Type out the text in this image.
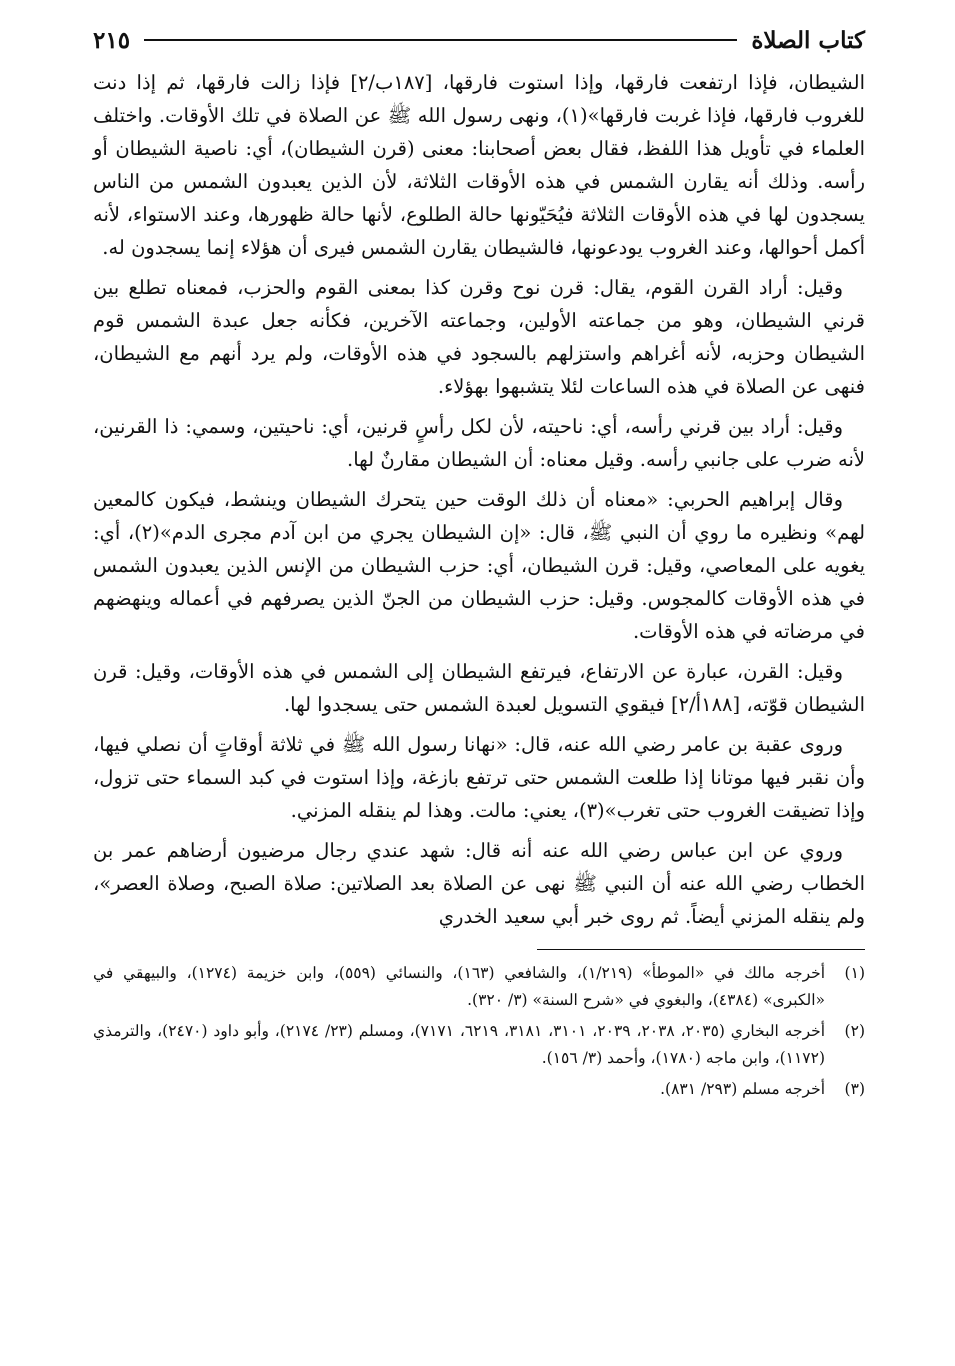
كتاب الصلاة
٢١٥

الشيطان، فإذا ارتفعت فارقها، وإذا استوت فارقها، [١٨٧ب/٢] فإذا زالت فارقها، ثم إذا دنت للغروب فارقها، فإذا غربت فارقها»(١)، ونهى رسول الله ﷺ عن الصلاة في تلك الأوقات. واختلف العلماء في تأويل هذا اللفظ، فقال بعض أصحابنا: معنى (قرن الشيطان)، أي: ناصية الشيطان أو رأسه. وذلك أنه يقارن الشمس في هذه الأوقات الثلاثة، لأن الذين يعبدون الشمس من الناس يسجدون لها في هذه الأوقات الثلاثة فيُحَيّونها حالة الطلوع، لأنها حالة ظهورها، وعند الاستواء، لأنه أكمل أحوالها، وعند الغروب يودعونها، فالشيطان يقارن الشمس فيرى أن هؤلاء إنما يسجدون له.

وقيل: أراد القرن القوم، يقال: قرن نوح وقرن كذا بمعنى القوم والحزب، فمعناه تطلع بين قرني الشيطان، وهو من جماعته الأولين، وجماعته الآخرين، فكأنه جعل عبدة الشمس قوم الشيطان وحزبه، لأنه أغراهم واستزلهم بالسجود في هذه الأوقات، ولم يرد أنهم مع الشيطان، فنهى عن الصلاة في هذه الساعات لئلا يتشبهوا بهؤلاء.

وقيل: أراد بين قرني رأسه، أي: ناحيته، لأن لكل رأسٍ قرنين، أي: ناحيتين، وسمي: ذا القرنين، لأنه ضرب على جانبي رأسه. وقيل معناه: أن الشيطان مقارنٌ لها.

وقال إبراهيم الحربي: «معناه أن ذلك الوقت حين يتحرك الشيطان وينشط، فيكون كالمعين لهم» ونظيره ما روي أن النبي ﷺ، قال: «إن الشيطان يجري من ابن آدم مجرى الدم»(٢)، أي: يغويه على المعاصي، وقيل: قرن الشيطان، أي: حزب الشيطان من الإنس الذين يعبدون الشمس في هذه الأوقات كالمجوس. وقيل: حزب الشيطان من الجنّ الذين يصرفهم في أعماله وينهضهم في مرضاته في هذه الأوقات.

وقيل: القرن، عبارة عن الارتفاع، فيرتفع الشيطان إلى الشمس في هذه الأوقات، وقيل: قرن الشيطان قوّته، [١٨٨أ/٢] فيقوي التسويل لعبدة الشمس حتى يسجدوا لها.

وروى عقبة بن عامر رضي الله عنه، قال: «نهانا رسول الله ﷺ في ثلاثة أوقاتٍ أن نصلي فيها، وأن نقبر فيها موتانا إذا طلعت الشمس حتى ترتفع بازغة، وإذا استوت في كبد السماء حتى تزول، وإذا تضيقت الغروب حتى تغرب»(٣)، يعني: مالت. وهذا لم ينقله المزني.

وروي عن ابن عباس رضي الله عنه أنه قال: شهد عندي رجال مرضيون أرضاهم عمر بن الخطاب رضي الله عنه أن النبي ﷺ نهى عن الصلاة بعد الصلاتين: صلاة الصبح، وصلاة العصر»، ولم ينقله المزني أيضاً. ثم روى خبر أبي سعيد الخدري

(١)
أخرجه مالك في «الموطأ» (١/٢١٩)، والشافعي (١٦٣)، والنسائي (٥٥٩)، وابن خزيمة (١٢٧٤)، والبيهقي في «الكبرى» (٤٣٨٤)، والبغوي في «شرح السنة» (٣/ ٣٢٠).
(٢)
أخرجه البخاري (٢٠٣٥، ٢٠٣٨، ٢٠٣٩، ٣١٠١، ٣١٨١، ٦٢١٩، ٧١٧١)، ومسلم (٢٣/ ٢١٧٤)، وأبو داود (٢٤٧٠)، والترمذي (١١٧٢)، وابن ماجه (١٧٨٠)، وأحمد (٣/ ١٥٦).
(٣)
أخرجه مسلم (٢٩٣/ ٨٣١).
